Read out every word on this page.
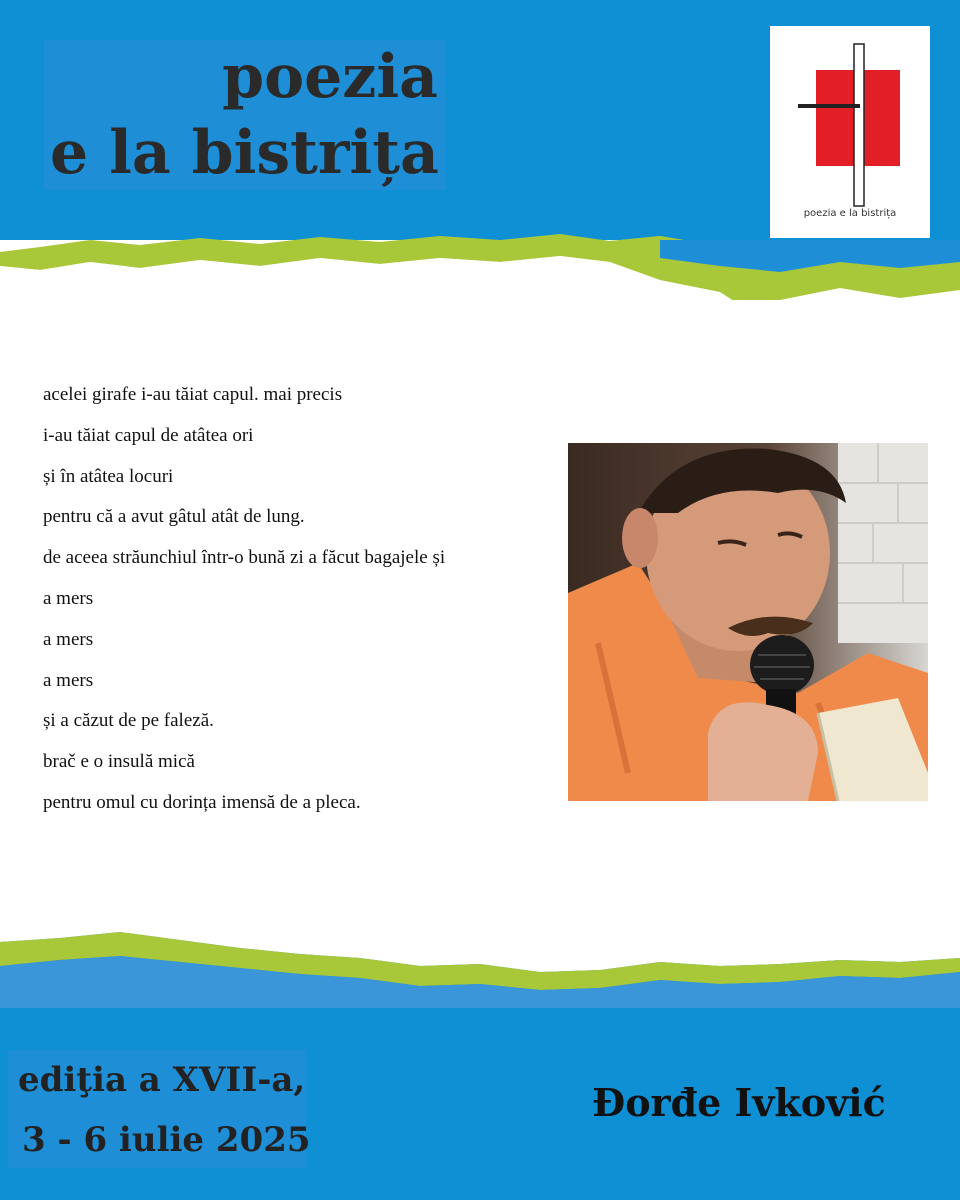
poezia
e la bistrița
poezia e la bistrița
acelei girafe i-au tăiat capul. mai precis
i-au tăiat capul de atâtea ori
și în atâtea locuri
pentru că a avut gâtul atât de lung.
de aceea străunchiul într-o bună zi a făcut bagajele și
a mers
a mers
a mers
și a căzut de pe faleză.
brač e o insulă mică
pentru omul cu dorința imensă de a pleca.
ediţia a XVII-a,
3 - 6 iulie 2025
Đorđe Ivković
